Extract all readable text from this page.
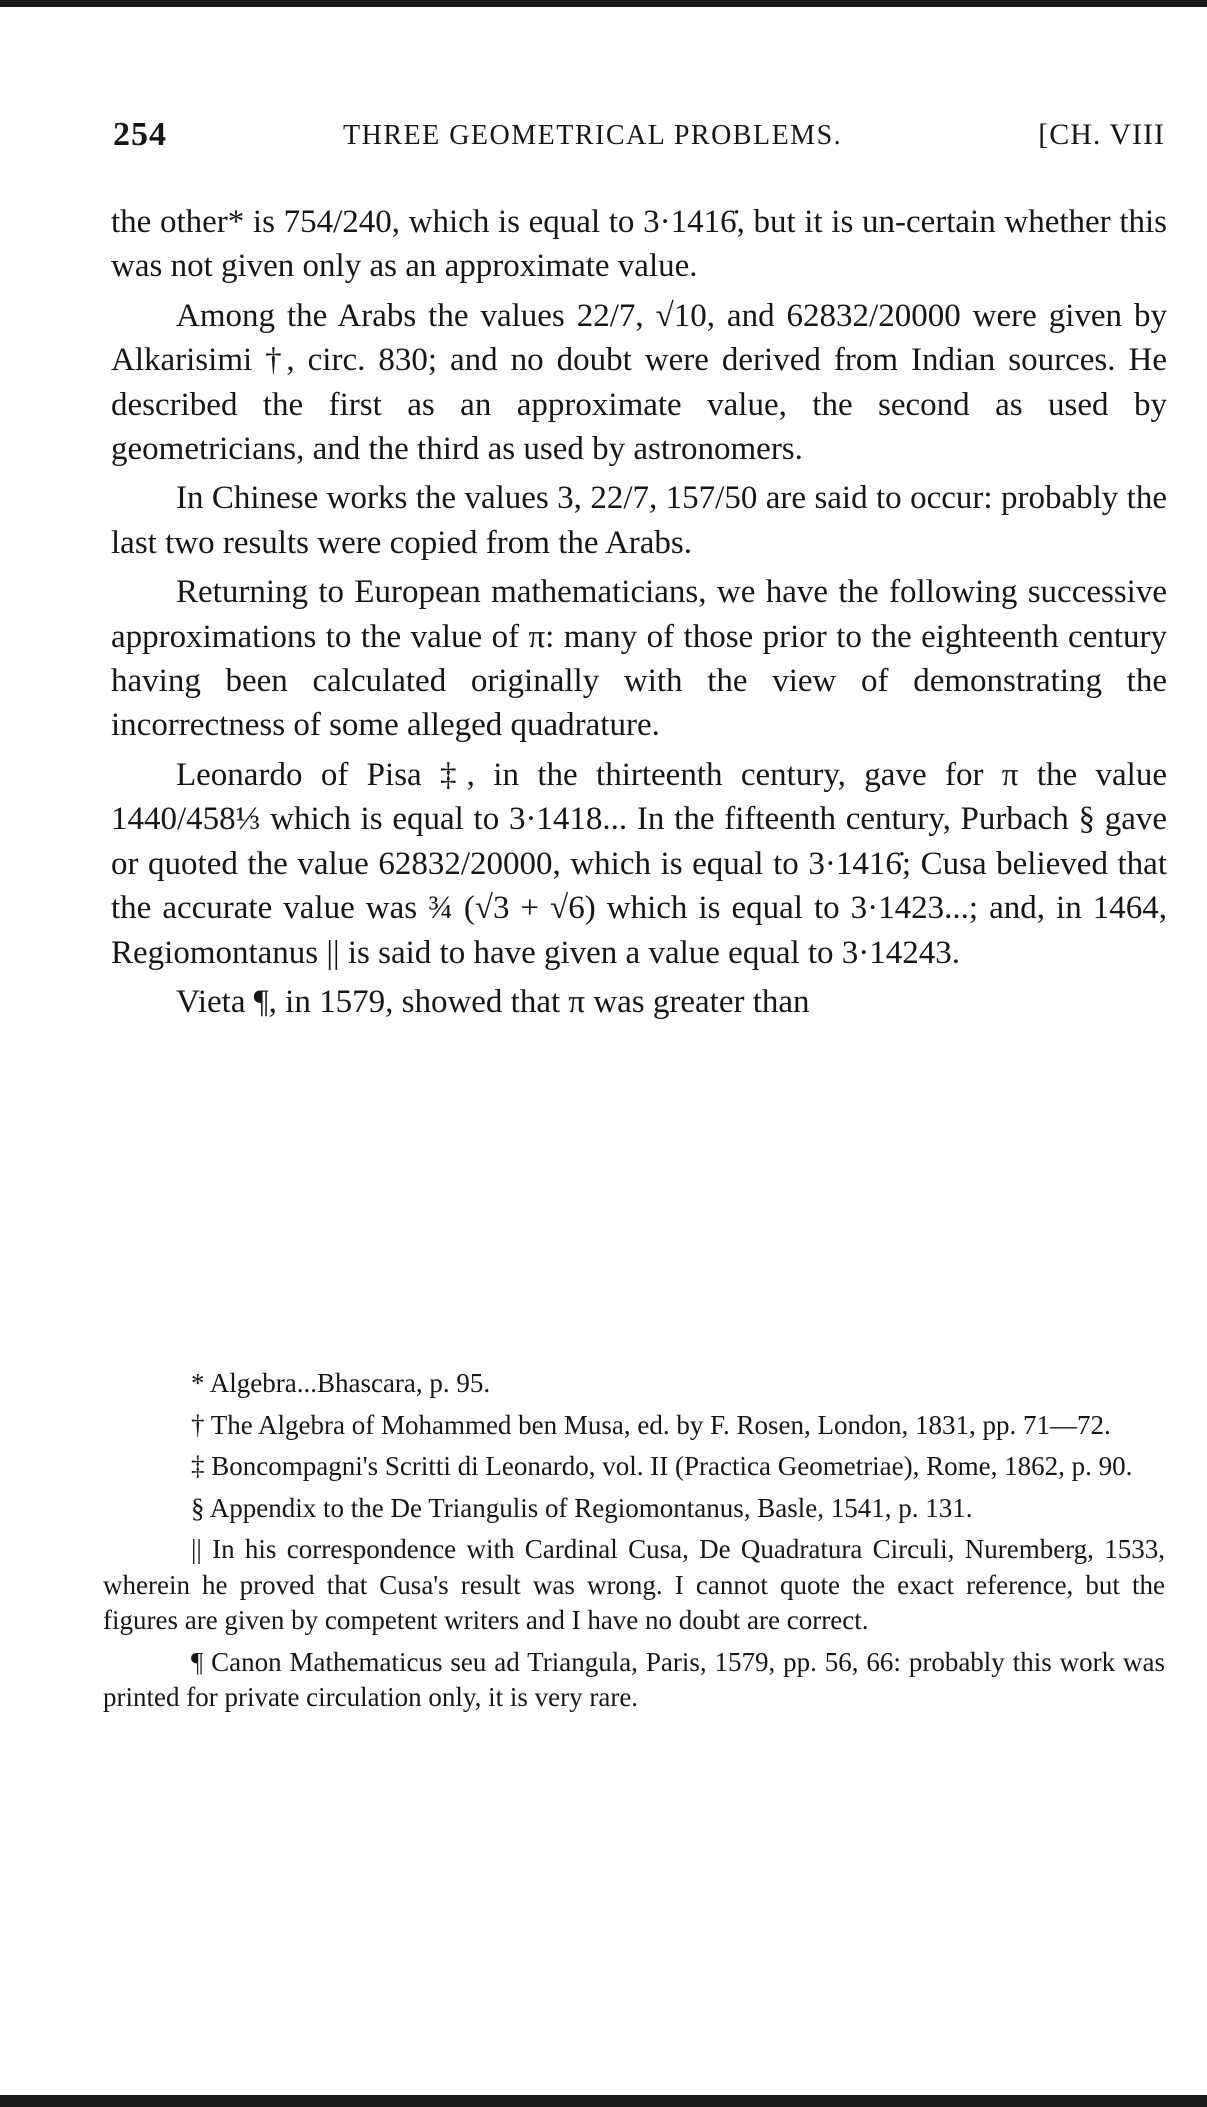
254	THREE GEOMETRICAL PROBLEMS.	[CH. VIII

the other* is 754/240, which is equal to 3·1416̇, but it is un-certain whether this was not given only as an approximate value.

Among the Arabs the values 22/7, √10, and 62832/20000 were given by Alkarisimi †, circ. 830; and no doubt were derived from Indian sources. He described the first as an approximate value, the second as used by geometricians, and the third as used by astronomers.

In Chinese works the values 3, 22/7, 157/50 are said to occur: probably the last two results were copied from the Arabs.

Returning to European mathematicians, we have the following successive approximations to the value of π: many of those prior to the eighteenth century having been calculated originally with the view of demonstrating the incorrectness of some alleged quadrature.

Leonardo of Pisa ‡, in the thirteenth century, gave for π the value 1440/458⅓ which is equal to 3·1418... In the fifteenth century, Purbach § gave or quoted the value 62832/20000, which is equal to 3·1416̇; Cusa believed that the accurate value was ¾ (√3 + √6) which is equal to 3·1423...; and, in 1464, Regiomontanus || is said to have given a value equal to 3·14243.

Vieta ¶, in 1579, showed that π was greater than

* Algebra...Bhascara, p. 95.

† The Algebra of Mohammed ben Musa, ed. by F. Rosen, London, 1831, pp. 71—72.

‡ Boncompagni's Scritti di Leonardo, vol. II (Practica Geometriae), Rome, 1862, p. 90.

§ Appendix to the De Triangulis of Regiomontanus, Basle, 1541, p. 131.

|| In his correspondence with Cardinal Cusa, De Quadratura Circuli, Nuremberg, 1533, wherein he proved that Cusa's result was wrong. I cannot quote the exact reference, but the figures are given by competent writers and I have no doubt are correct.

¶ Canon Mathematicus seu ad Triangula, Paris, 1579, pp. 56, 66: probably this work was printed for private circulation only, it is very rare.
